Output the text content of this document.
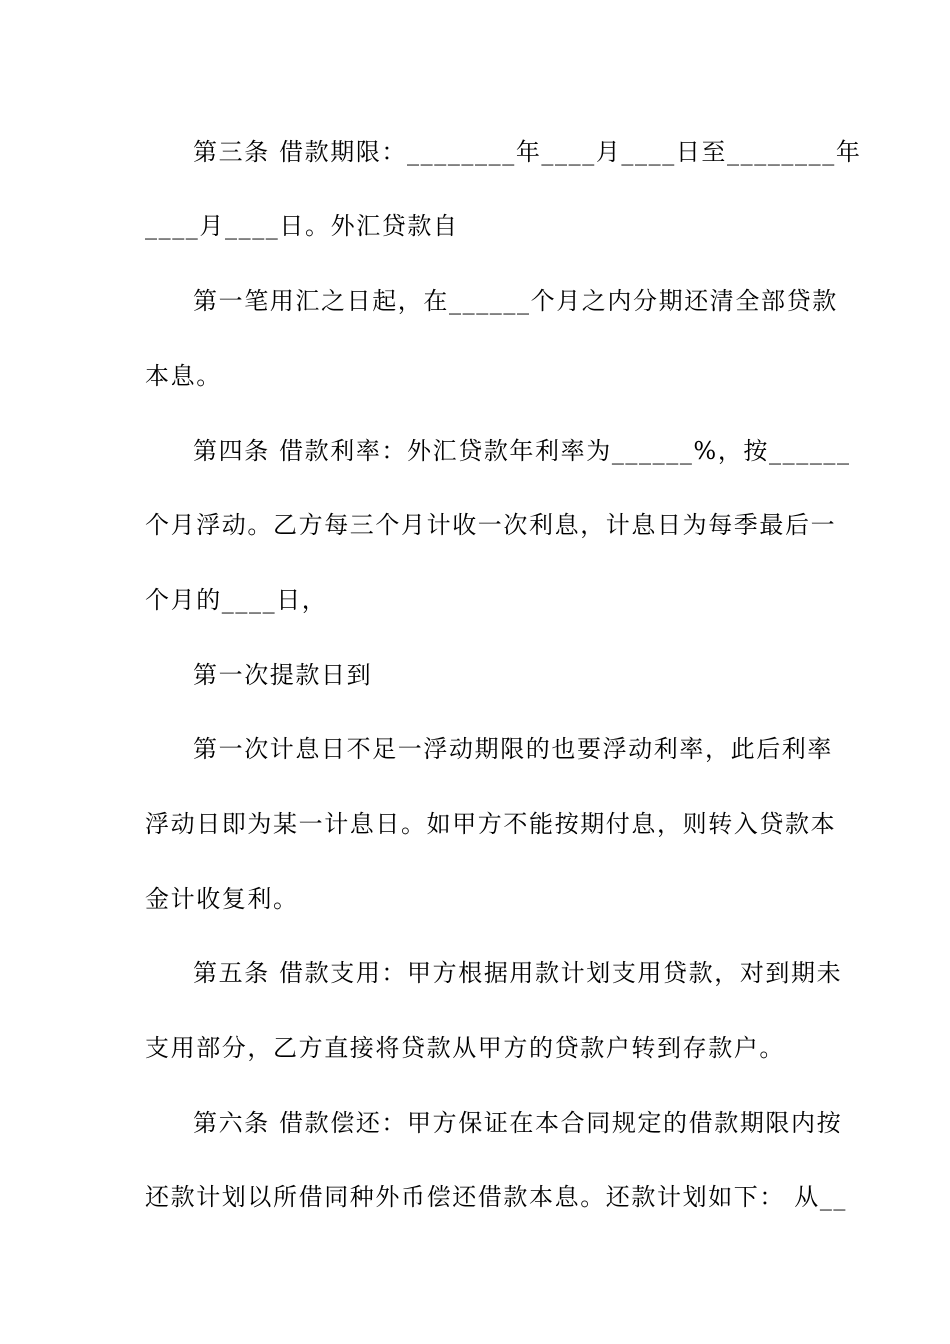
第三条 借款期限：________年____月____日至________年
____月____日。外汇贷款自
第一笔用汇之日起，在______个月之内分期还清全部贷款
本息。
第四条 借款利率：外汇贷款年利率为______%，按______
个月浮动。乙方每三个月计收一次利息，计息日为每季最后一
个月的____日，
第一次提款日到
第一次计息日不足一浮动期限的也要浮动利率，此后利率
浮动日即为某一计息日。如甲方不能按期付息，则转入贷款本
金计收复利。
第五条 借款支用：甲方根据用款计划支用贷款，对到期未
支用部分，乙方直接将贷款从甲方的贷款户转到存款户。
第六条 借款偿还：甲方保证在本合同规定的借款期限内按
还款计划以所借同种外币偿还借款本息。还款计划如下： 从__
